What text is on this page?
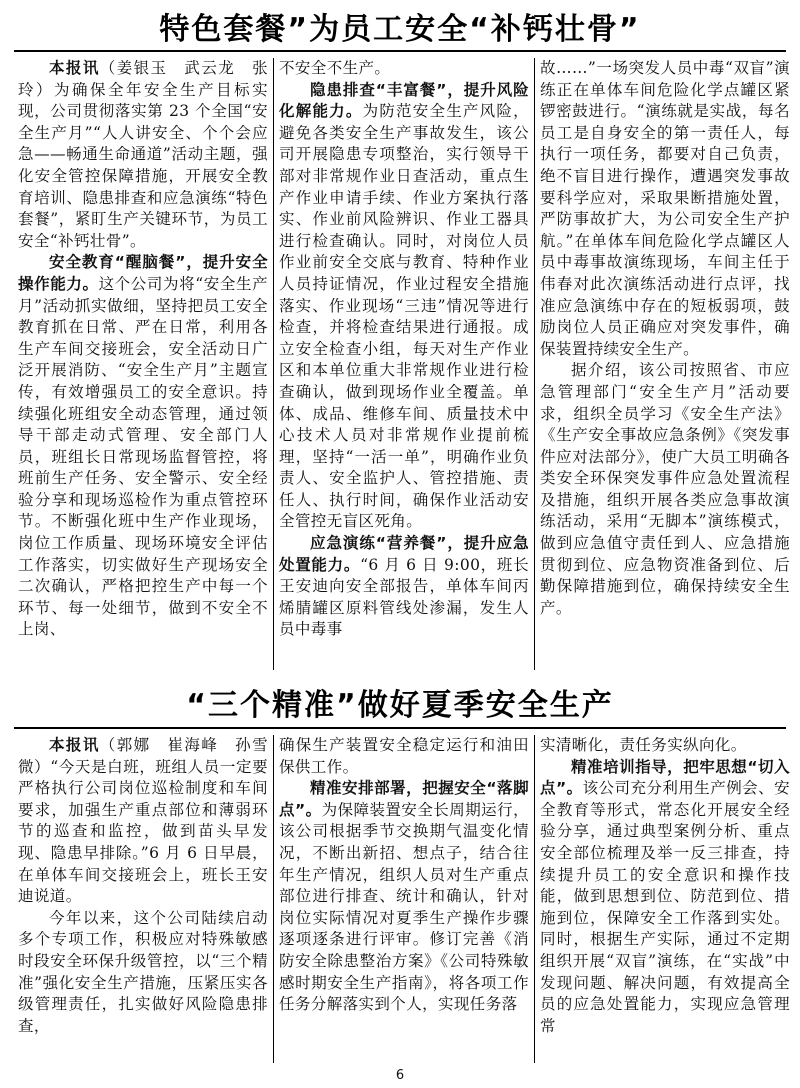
特色套餐”为员工安全“补钙壮骨”

本报讯（姜银玉　武云龙　张玲）为确保全年安全生产目标实现，公司贯彻落实第 23 个全国“安全生产月”“人人讲安全、个个会应急——畅通生命通道”活动主题，强化安全管控保障措施，开展安全教育培训、隐患排查和应急演练“特色套餐”，紧盯生产关键环节，为员工安全“补钙壮骨”。

安全教育“醒脑餐”，提升安全操作能力。这个公司为将“安全生产月”活动抓实做细，坚持把员工安全教育抓在日常、严在日常，利用各生产车间交接班会，安全活动日广泛开展消防、“安全生产月”主题宣传，有效增强员工的安全意识。持续强化班组安全动态管理，通过领导干部走动式管理、安全部门人员，班组长日常现场监督管控，将班前生产任务、安全警示、安全经验分享和现场巡检作为重点管控环节。不断强化班中生产作业现场，岗位工作质量、现场环境安全评估工作落实，切实做好生产现场安全二次确认，严格把控生产中每一个环节、每一处细节，做到不安全不上岗、

不安全不生产。

隐患排查“丰富餐”，提升风险化解能力。为防范安全生产风险，避免各类安全生产事故发生，该公司开展隐患专项整治，实行领导干部对非常规作业日查活动，重点生产作业申请手续、作业方案执行落实、作业前风险辨识、作业工器具进行检查确认。同时，对岗位人员作业前安全交底与教育、特种作业人员持证情况，作业过程安全措施落实、作业现场“三违”情况等进行检查，并将检查结果进行通报。成立安全检查小组，每天对生产作业区和本单位重大非常规作业进行检查确认，做到现场作业全覆盖。单体、成品、维修车间、质量技术中心技术人员对非常规作业提前梳理，坚持“一活一单”，明确作业负责人、安全监护人、管控措施、责任人、执行时间，确保作业活动安全管控无盲区死角。

应急演练“营养餐”，提升应急处置能力。“6 月 6 日 9:00，班长王安迪向安全部报告，单体车间丙烯腈罐区原料管线处渗漏，发生人员中毒事

故……”一场突发人员中毒“双盲”演练正在单体车间危险化学点罐区紧锣密鼓进行。“演练就是实战，每名员工是自身安全的第一责任人，每执行一项任务，都要对自己负责，绝不盲目进行操作，遭遇突发事故要科学应对，采取果断措施处置，严防事故扩大，为公司安全生产护航。”在单体车间危险化学点罐区人员中毒事故演练现场，车间主任于伟春对此次演练活动进行点评，找准应急演练中存在的短板弱项，鼓励岗位人员正确应对突发事件，确保装置持续安全生产。

据介绍，该公司按照省、市应急管理部门“安全生产月”活动要求，组织全员学习《安全生产法》《生产安全事故应急条例》《突发事件应对法部分》，使广大员工明确各类安全环保突发事件应急处置流程及措施，组织开展各类应急事故演练活动，采用“无脚本”演练模式，做到应急值守责任到人、应急措施贯彻到位、应急物资准备到位、后勤保障措施到位，确保持续安全生产。

“三个精准”做好夏季安全生产

本报讯（郭娜　崔海峰　孙雪微）“今天是白班，班组人员一定要严格执行公司岗位巡检制度和车间要求，加强生产重点部位和薄弱环节的巡查和监控，做到苗头早发现、隐患早排除。”6 月 6 日早晨，在单体车间交接班会上，班长王安迪说道。

今年以来，这个公司陆续启动多个专项工作，积极应对特殊敏感时段安全环保升级管控，以“三个精准”强化安全生产措施，压紧压实各级管理责任，扎实做好风险隐患排查，

确保生产装置安全稳定运行和油田保供工作。

精准安排部署，把握安全“落脚点”。为保障装置安全长周期运行，该公司根据季节交换期气温变化情况，不断出新招、想点子，结合往年生产情况，组织人员对生产重点部位进行排查、统计和确认，针对岗位实际情况对夏季生产操作步骤逐项逐条进行评审。修订完善《消防安全除患整治方案》《公司特殊敏感时期安全生产指南》，将各项工作任务分解落实到个人，实现任务落

实清晰化，责任务实纵向化。

精准培训指导，把牢思想“切入点”。该公司充分利用生产例会、安全教育等形式，常态化开展安全经验分享，通过典型案例分析、重点安全部位梳理及举一反三排查，持续提升员工的安全意识和操作技能，做到思想到位、防范到位、措施到位，保障安全工作落到实处。同时，根据生产实际，通过不定期组织开展“双盲”演练，在“实战”中发现问题、解决问题，有效提高全员的应急处置能力，实现应急管理常

6
